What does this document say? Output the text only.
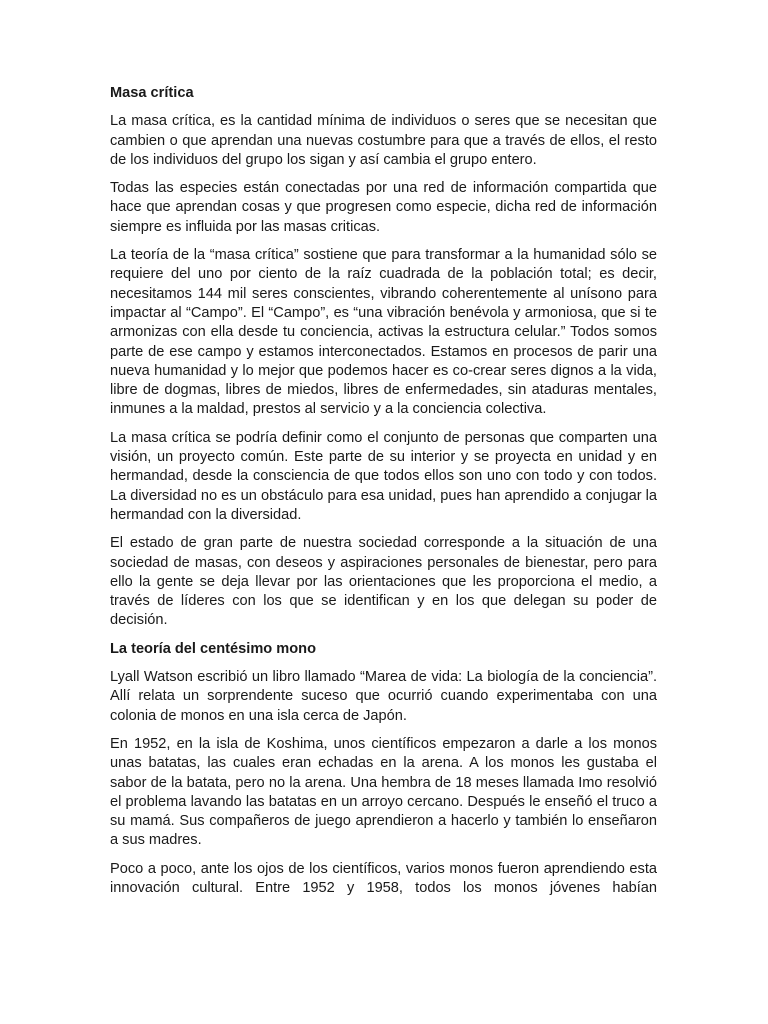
Masa crítica

La masa crítica, es la cantidad mínima de individuos o seres que se necesitan que cambien o que aprendan una nuevas costumbre para que a través de ellos, el resto de los individuos del grupo los sigan y así cambia el grupo entero.

Todas las especies están conectadas por una red de información compartida que hace que aprendan cosas y que progresen como especie, dicha red de información siempre es influida por las masas criticas.

La teoría de la “masa crítica” sostiene que para transformar a la humanidad sólo se requiere del uno por ciento de la raíz cuadrada de la población total; es decir, necesitamos 144 mil seres conscientes, vibrando coherentemente al unísono para impactar al “Campo”. El “Campo”, es “una vibración benévola y armoniosa, que si te armonizas con ella desde tu conciencia, activas la estructura celular.” Todos somos parte de ese campo y estamos interconectados. Estamos en procesos de parir una nueva humanidad y lo mejor que podemos hacer es co-crear seres dignos a la vida, libre de dogmas, libres de miedos, libres de enfermedades, sin ataduras mentales, inmunes a la maldad, prestos al servicio y a la conciencia colectiva.

La masa crítica se podría definir como el conjunto de personas que comparten una visión, un proyecto común. Este parte de su interior y se proyecta en unidad y en hermandad, desde la consciencia de que todos ellos son uno con todo y con todos. La diversidad no es un obstáculo para esa unidad, pues han aprendido a conjugar la hermandad con la diversidad.

El estado de gran parte de nuestra sociedad corresponde a la situación de una sociedad de masas, con deseos y aspiraciones personales de bienestar, pero para ello la gente se deja llevar por las orientaciones que les proporciona el medio, a través de líderes con los que se identifican y en los que delegan su poder de decisión.

La teoría del centésimo mono

Lyall Watson escribió un libro llamado “Marea de vida: La biología de la conciencia”. Allí relata un sorprendente suceso que ocurrió cuando experimentaba con una colonia de monos en una isla cerca de Japón.

En 1952, en la isla de Koshima, unos científicos empezaron a darle a los monos unas batatas, las cuales eran echadas en la arena. A los monos les gustaba el sabor de la batata, pero no la arena. Una hembra de 18 meses llamada Imo resolvió el problema lavando las batatas en un arroyo cercano. Después le enseñó el truco a su mamá. Sus compañeros de juego aprendieron a hacerlo y también lo enseñaron a sus madres.

Poco a poco, ante los ojos de los científicos, varios monos fueron aprendiendo esta innovación cultural. Entre 1952 y 1958, todos los monos jóvenes habían
